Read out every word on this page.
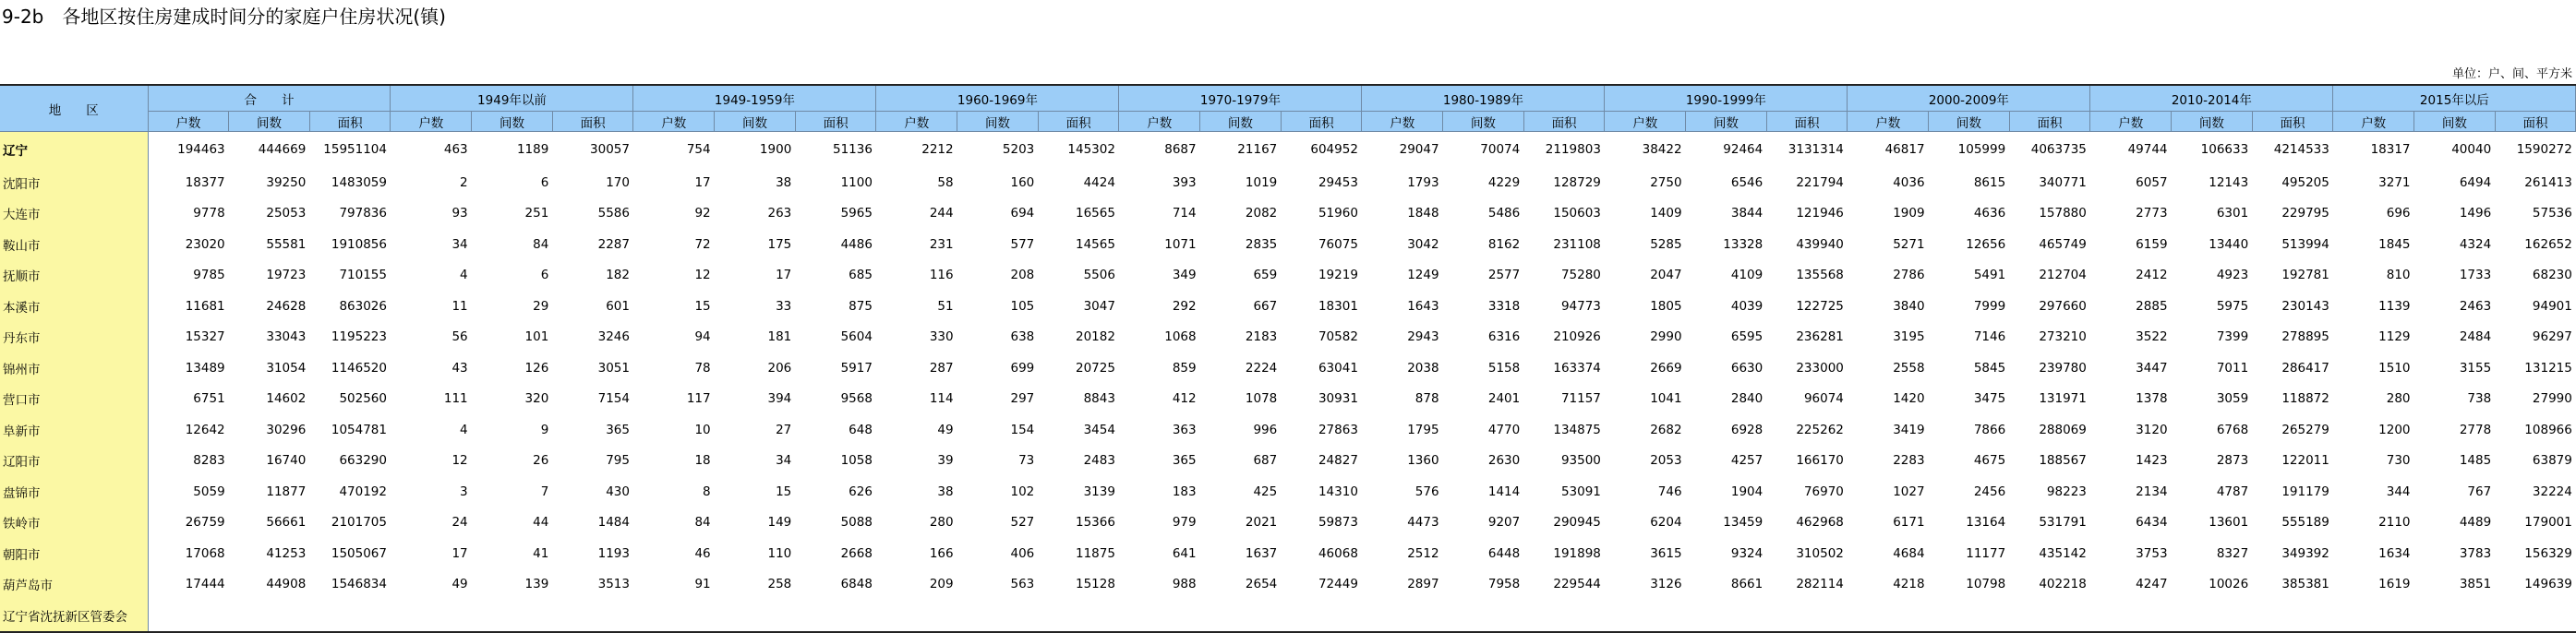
9-2b　各地区按住房建成时间分的家庭户住房状况(镇)
单位：户、间、平方米
地　　区	合　　计			1949年以前			1949-1959年			1960-1969年			1970-1979年			1980-1989年			1990-1999年			2000-2009年			2010-2014年			2015年以后		
	户数	间数	面积	户数	间数	面积	户数	间数	面积	户数	间数	面积	户数	间数	面积	户数	间数	面积	户数	间数	面积	户数	间数	面积	户数	间数	面积	户数	间数	面积
辽宁	194463	444669	15951104	463	1189	30057	754	1900	51136	2212	5203	145302	8687	21167	604952	29047	70074	2119803	38422	92464	3131314	46817	105999	4063735	49744	106633	4214533	18317	40040	1590272
沈阳市	18377	39250	1483059	2	6	170	17	38	1100	58	160	4424	393	1019	29453	1793	4229	128729	2750	6546	221794	4036	8615	340771	6057	12143	495205	3271	6494	261413
大连市	9778	25053	797836	93	251	5586	92	263	5965	244	694	16565	714	2082	51960	1848	5486	150603	1409	3844	121946	1909	4636	157880	2773	6301	229795	696	1496	57536
鞍山市	23020	55581	1910856	34	84	2287	72	175	4486	231	577	14565	1071	2835	76075	3042	8162	231108	5285	13328	439940	5271	12656	465749	6159	13440	513994	1845	4324	162652
抚顺市	9785	19723	710155	4	6	182	12	17	685	116	208	5506	349	659	19219	1249	2577	75280	2047	4109	135568	2786	5491	212704	2412	4923	192781	810	1733	68230
本溪市	11681	24628	863026	11	29	601	15	33	875	51	105	3047	292	667	18301	1643	3318	94773	1805	4039	122725	3840	7999	297660	2885	5975	230143	1139	2463	94901
丹东市	15327	33043	1195223	56	101	3246	94	181	5604	330	638	20182	1068	2183	70582	2943	6316	210926	2990	6595	236281	3195	7146	273210	3522	7399	278895	1129	2484	96297
锦州市	13489	31054	1146520	43	126	3051	78	206	5917	287	699	20725	859	2224	63041	2038	5158	163374	2669	6630	233000	2558	5845	239780	3447	7011	286417	1510	3155	131215
营口市	6751	14602	502560	111	320	7154	117	394	9568	114	297	8843	412	1078	30931	878	2401	71157	1041	2840	96074	1420	3475	131971	1378	3059	118872	280	738	27990
阜新市	12642	30296	1054781	4	9	365	10	27	648	49	154	3454	363	996	27863	1795	4770	134875	2682	6928	225262	3419	7866	288069	3120	6768	265279	1200	2778	108966
辽阳市	8283	16740	663290	12	26	795	18	34	1058	39	73	2483	365	687	24827	1360	2630	93500	2053	4257	166170	2283	4675	188567	1423	2873	122011	730	1485	63879
盘锦市	5059	11877	470192	3	7	430	8	15	626	38	102	3139	183	425	14310	576	1414	53091	746	1904	76970	1027	2456	98223	2134	4787	191179	344	767	32224
铁岭市	26759	56661	2101705	24	44	1484	84	149	5088	280	527	15366	979	2021	59873	4473	9207	290945	6204	13459	462968	6171	13164	531791	6434	13601	555189	2110	4489	179001
朝阳市	17068	41253	1505067	17	41	1193	46	110	2668	166	406	11875	641	1637	46068	2512	6448	191898	3615	9324	310502	4684	11177	435142	3753	8327	349392	1634	3783	156329
葫芦岛市	17444	44908	1546834	49	139	3513	91	258	6848	209	563	15128	988	2654	72449	2897	7958	229544	3126	8661	282114	4218	10798	402218	4247	10026	385381	1619	3851	149639
辽宁省沈抚新区管委会																														
